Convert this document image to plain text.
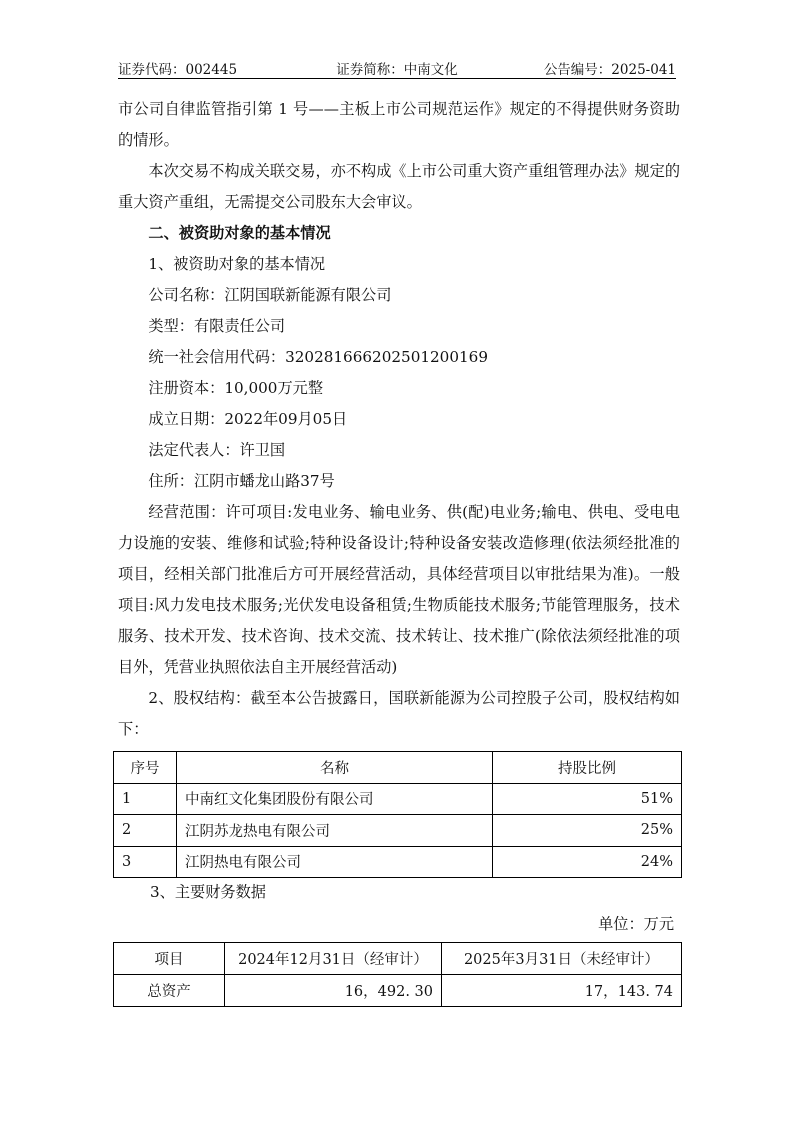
证券代码：002445	证券简称：中南文化	公告编号：2025-041

市公司自律监管指引第 1 号——主板上市公司规范运作》规定的不得提供财务资助的情形。

本次交易不构成关联交易，亦不构成《上市公司重大资产重组管理办法》规定的重大资产重组，无需提交公司股东大会审议。

二、被资助对象的基本情况

1、被资助对象的基本情况

公司名称：江阴国联新能源有限公司

类型：有限责任公司

统一社会信用代码：320281666202501200169

注册资本：10,000万元整

成立日期：2022年09月05日

法定代表人：许卫国

住所：江阴市蟠龙山路37号

经营范围：许可项目:发电业务、输电业务、供(配)电业务;输电、供电、受电电力设施的安装、维修和试验;特种设备设计;特种设备安装改造修理(依法须经批准的项目，经相关部门批准后方可开展经营活动，具体经营项目以审批结果为准)。一般项目:风力发电技术服务;光伏发电设备租赁;生物质能技术服务;节能管理服务，技术服务、技术开发、技术咨询、技术交流、技术转让、技术推广(除依法须经批准的项目外，凭营业执照依法自主开展经营活动)

2、股权结构：截至本公告披露日，国联新能源为公司控股子公司，股权结构如下：

序号	名称	持股比例
1	中南红文化集团股份有限公司	51%
2	江阴苏龙热电有限公司	25%
3	江阴热电有限公司	24%
3、主要财务数据
单位：万元
项目	2024年12月31日（经审计）	2025年3月31日（未经审计）
总资产	16，492. 30	17，143. 74
